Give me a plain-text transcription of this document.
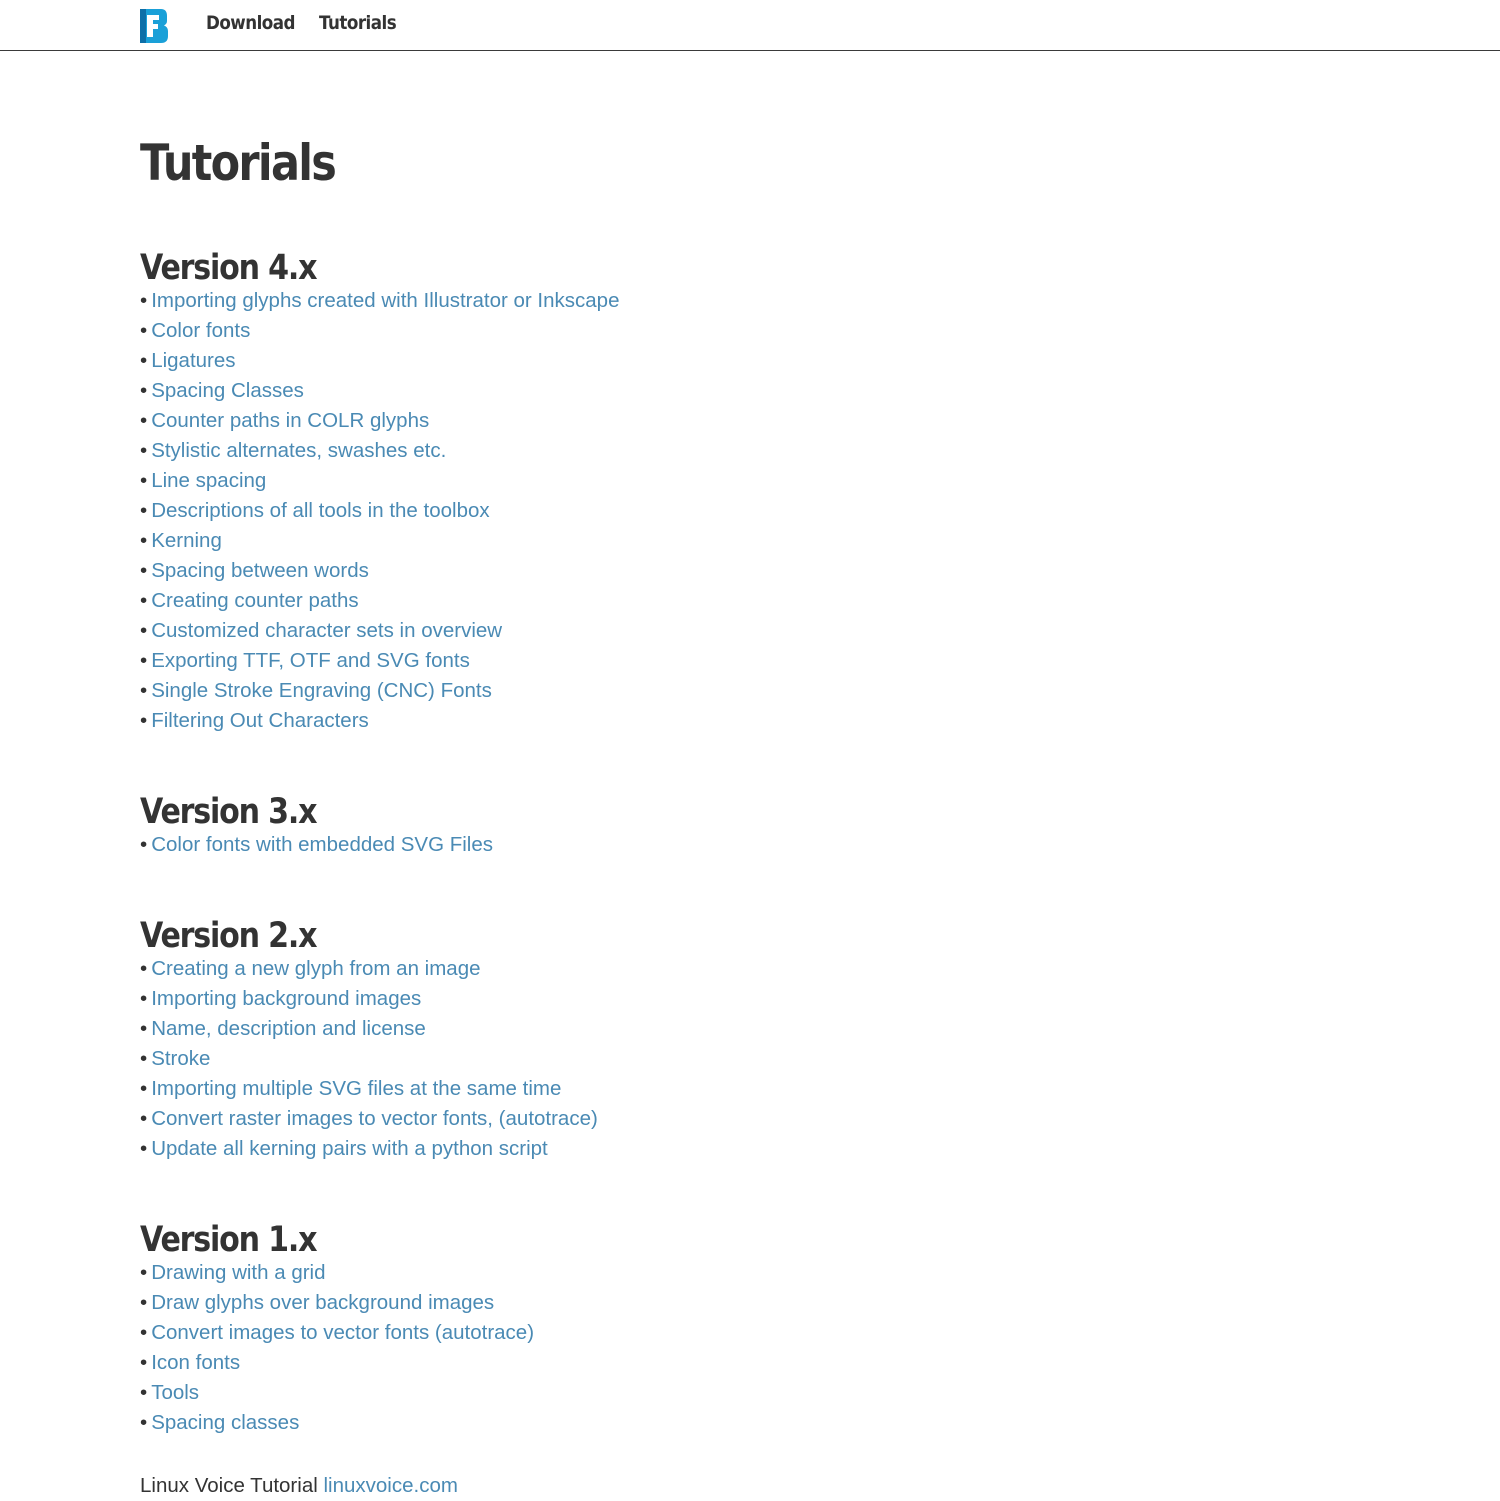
Download Tutorials
Tutorials
Version 4.x
• Importing glyphs created with Illustrator or Inkscape
• Color fonts
• Ligatures
• Spacing Classes
• Counter paths in COLR glyphs
• Stylistic alternates, swashes etc.
• Line spacing
• Descriptions of all tools in the toolbox
• Kerning
• Spacing between words
• Creating counter paths
• Customized character sets in overview
• Exporting TTF, OTF and SVG fonts
• Single Stroke Engraving (CNC) Fonts
• Filtering Out Characters
Version 3.x
• Color fonts with embedded SVG Files
Version 2.x
• Creating a new glyph from an image
• Importing background images
• Name, description and license
• Stroke
• Importing multiple SVG files at the same time
• Convert raster images to vector fonts, (autotrace)
• Update all kerning pairs with a python script
Version 1.x
• Drawing with a grid
• Draw glyphs over background images
• Convert images to vector fonts (autotrace)
• Icon fonts
• Tools
• Spacing classes
Linux Voice Tutorial linuxvoice.com
